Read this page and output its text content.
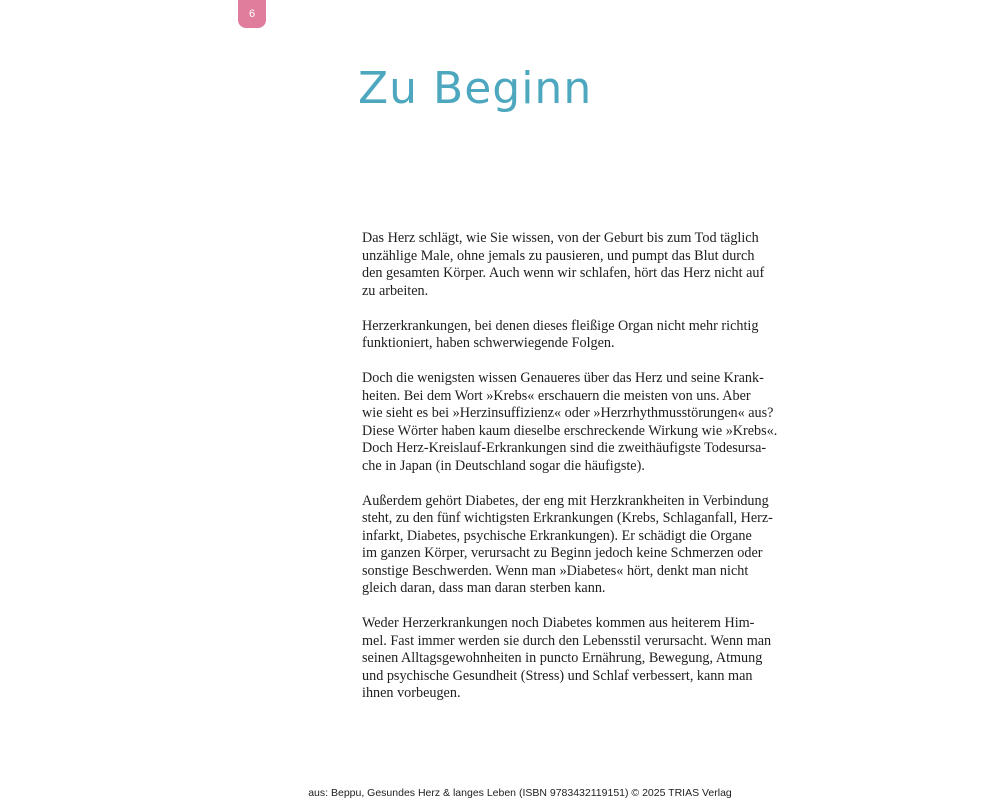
6
Zu Beginn

Das Herz schlägt, wie Sie wissen, von der Geburt bis zum Tod täglich
unzählige Male, ohne jemals zu pausieren, und pumpt das Blut durch
den gesamten Körper. Auch wenn wir schlafen, hört das Herz nicht auf
zu arbeiten.

Herzerkrankungen, bei denen dieses fleißige Organ nicht mehr richtig
funktioniert, haben schwerwiegende Folgen.

Doch die wenigsten wissen Genaueres über das Herz und seine Krank-
heiten. Bei dem Wort »Krebs« erschauern die meisten von uns. Aber
wie sieht es bei »Herzinsuffizienz« oder »Herzrhythmusstörungen« aus?
Diese Wörter haben kaum dieselbe erschreckende Wirkung wie »Krebs«.
Doch Herz-Kreislauf-Erkrankungen sind die zweithäufigste Todesursa-
che in Japan (in Deutschland sogar die häufigste).

Außerdem gehört Diabetes, der eng mit Herzkrankheiten in Verbindung
steht, zu den fünf wichtigsten Erkrankungen (Krebs, Schlaganfall, Herz-
infarkt, Diabetes, psychische Erkrankungen). Er schädigt die Organe
im ganzen Körper, verursacht zu Beginn jedoch keine Schmerzen oder
sonstige Beschwerden. Wenn man »Diabetes« hört, denkt man nicht
gleich daran, dass man daran sterben kann.

Weder Herzerkrankungen noch Diabetes kommen aus heiterem Him-
mel. Fast immer werden sie durch den Lebensstil verursacht. Wenn man
seinen Alltagsgewohnheiten in puncto Ernährung, Bewegung, Atmung
und psychische Gesundheit (Stress) und Schlaf verbessert, kann man
ihnen vorbeugen.

aus: Beppu, Gesundes Herz & langes Leben (ISBN 9783432119151) © 2025 TRIAS Verlag
